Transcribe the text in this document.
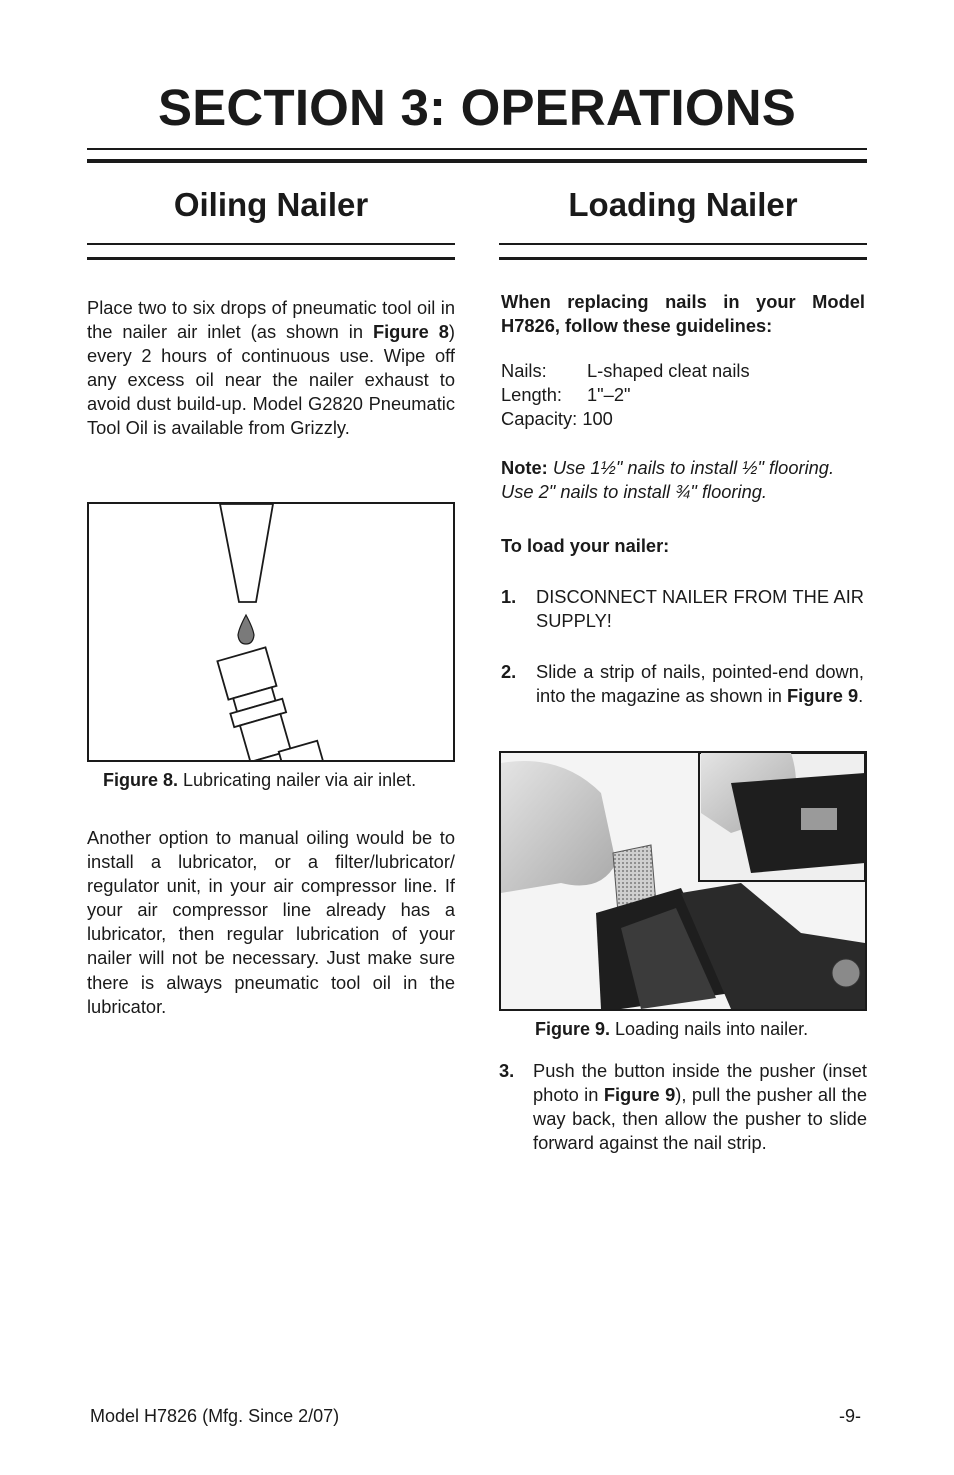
SECTION 3: OPERATIONS
Oiling Nailer

Place two to six drops of pneumatic tool oil in the nailer air inlet (as shown in Figure 8) every 2 hours of continuous use. Wipe off any excess oil near the nailer exhaust to avoid dust build-up. Model G2820 Pneumatic Tool Oil is available from Grizzly.

Figure 8. Lubricating nailer via air inlet.

Another option to manual oiling would be to install a lubricator, or a filter/lubricator/ regulator unit, in your air compressor line. If your air compressor line already has a lubricator, then regular lubrication of your nailer will not be necessary. Just make sure there is always pneumatic tool oil in the lubricator.

Loading Nailer

When replacing nails in your Model H7826, follow these guidelines:

Nails: L-shaped cleat nails
Length: 1"–2"
Capacity: 100
Note: Use 1½" nails to install ½" flooring.
Use 2" nails to install ¾" flooring.
To load your nailer:
1. DISCONNECT NAILER FROM THE AIR SUPPLY!

2. Slide a strip of nails, pointed-end down, into the magazine as shown in Figure 9.

Figure 9. Loading nails into nailer.
3. Push the button inside the pusher (inset photo in Figure 9), pull the pusher all the way back, then allow the pusher to slide forward against the nail strip.

Model H7826 (Mfg. Since 2/07)	-9-
